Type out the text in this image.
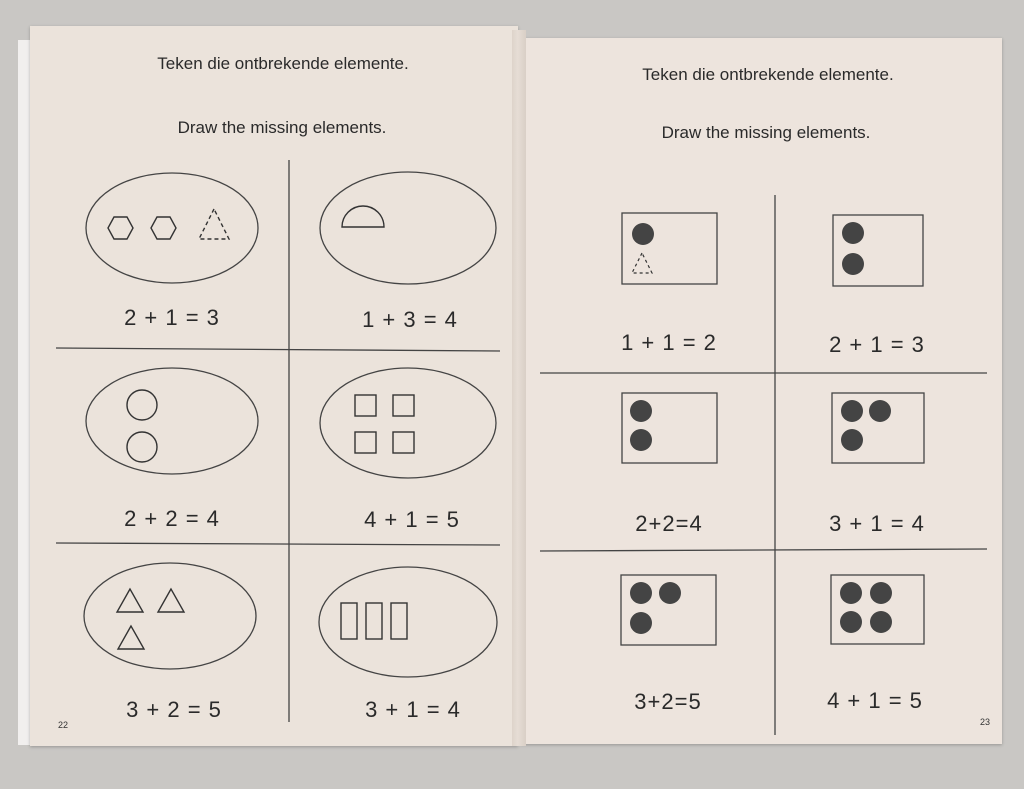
Teken die ontbrekende elemente.
Draw the missing elements.
2 + 1 = 3	1 + 3 = 4
2 + 2 = 4	4 + 1 = 5
3 + 2 = 5	3 + 1 = 4
22
Teken die ontbrekende elemente.
Draw the missing elements.
1 + 1 = 2	2 + 1 = 3
2+2=4	3 + 1 = 4
3+2=5	4 + 1 = 5
23
